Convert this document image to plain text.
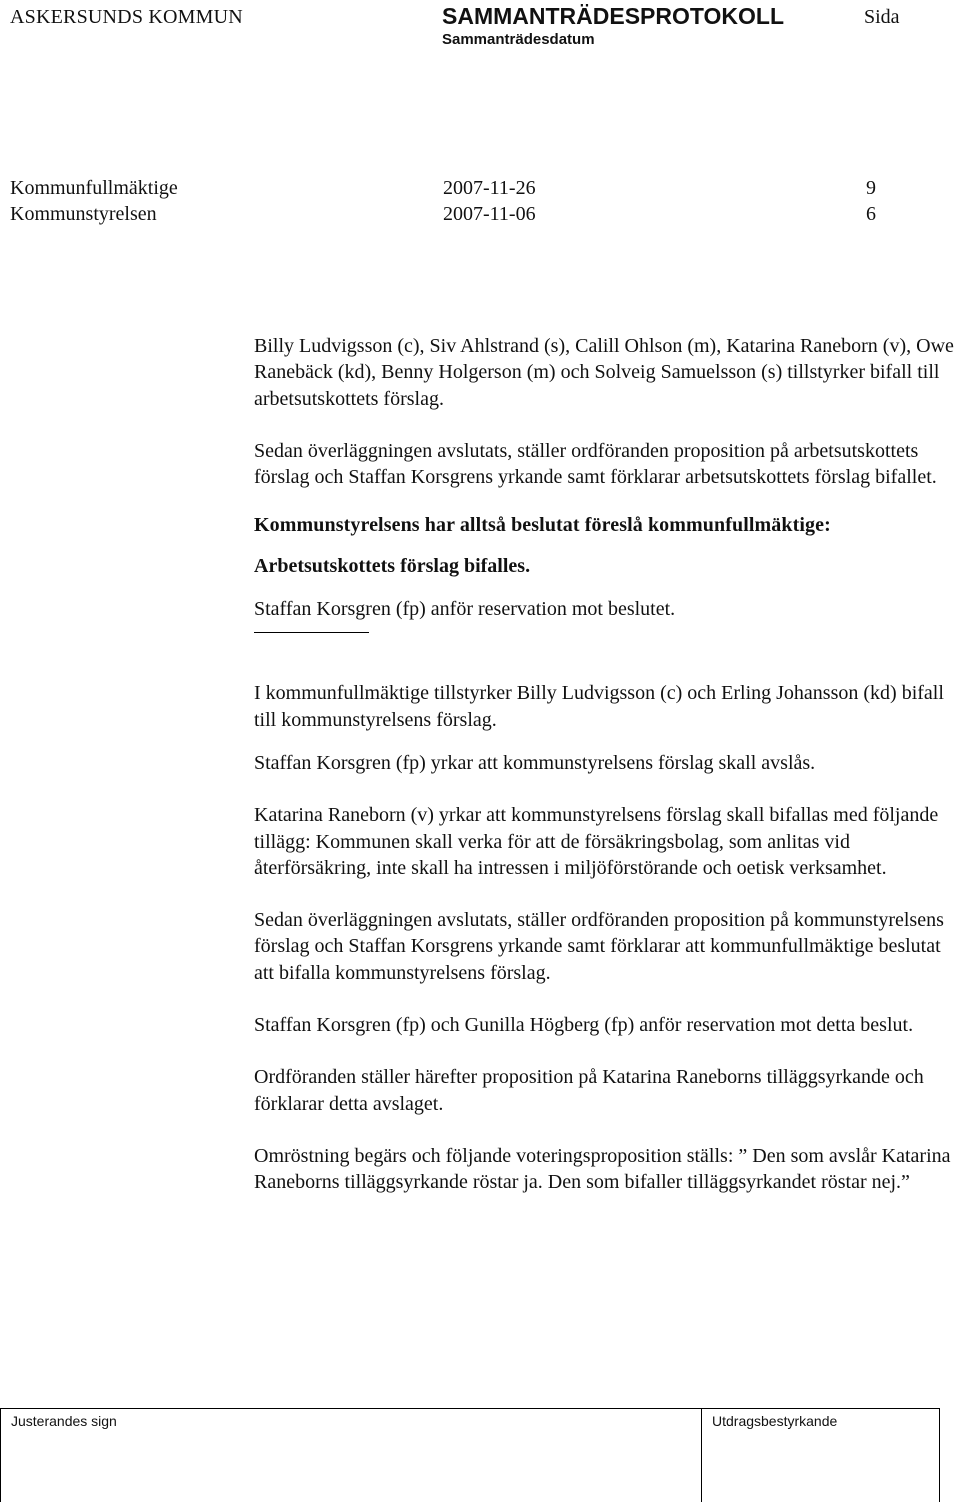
ASKERSUNDS KOMMUN	SAMMANTRÄDESPROTOKOLL	Sida
Sammanträdesdatum
Kommunfullmäktige	2007-11-26	9
Kommunstyrelsen	2007-11-06	6

Billy Ludvigsson (c), Siv Ahlstrand (s), Calill Ohlson (m), Katarina Raneborn (v), Owe Ranebäck (kd), Benny Holgerson (m) och Solveig Samuelsson (s) tillstyrker bifall till arbetsutskottets förslag.

Sedan överläggningen avslutats, ställer ordföranden proposition på arbetsutskottets förslag och Staffan Korsgrens yrkande samt förklarar arbetsutskottets förslag bifallet.

Kommunstyrelsens har alltså beslutat föreslå kommunfullmäktige:

Arbetsutskottets förslag bifalles.

Staffan Korsgren (fp) anför reservation mot beslutet.

I kommunfullmäktige tillstyrker Billy Ludvigsson (c) och Erling Johansson (kd) bifall till kommunstyrelsens förslag.

Staffan Korsgren (fp) yrkar att kommunstyrelsens förslag skall avslås.

Katarina Raneborn (v) yrkar att kommunstyrelsens förslag skall bifallas med följande tillägg: Kommunen skall verka för att de försäkringsbolag, som anlitas vid återförsäkring, inte skall ha intressen i miljöförstörande och oetisk verksamhet.

Sedan överläggningen avslutats, ställer ordföranden proposition på kommunstyrelsens förslag och Staffan Korsgrens yrkande samt förklarar att kommunfullmäktige beslutat att bifalla kommunstyrelsens förslag.

Staffan Korsgren (fp) och Gunilla Högberg (fp) anför reservation mot detta beslut.

Ordföranden ställer härefter proposition på Katarina Raneborns tilläggsyrkande och förklarar detta avslaget.

Omröstning begärs och följande voteringsproposition ställs: ” Den som avslår Katarina Raneborns tilläggsyrkande röstar ja. Den som bifaller tilläggsyrkandet röstar nej.”

Justerandes sign	Utdragsbestyrkande
